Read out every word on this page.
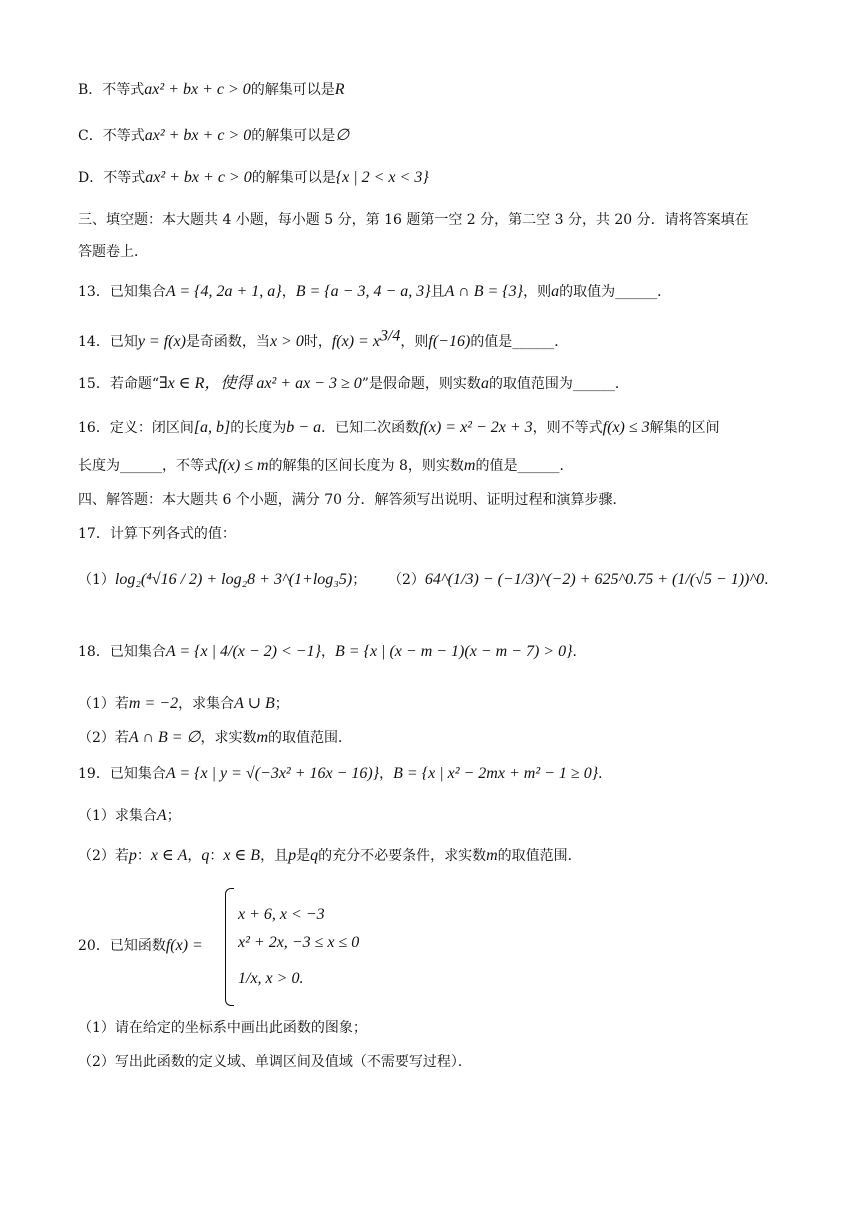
B．不等式ax² + bx + c > 0的解集可以是R
C．不等式ax² + bx + c > 0的解集可以是∅
D．不等式ax² + bx + c > 0的解集可以是{x | 2 < x < 3}
三、填空题：本大题共 4 小题，每小题 5 分，第 16 题第一空 2 分，第二空 3 分，共 20 分．请将答案填在
答题卷上．
13．已知集合A = {4, 2a + 1, a}，B = {a − 3, 4 − a, 3}且A ∩ B = {3}，则a的取值为______．
14．已知y = f(x)是奇函数，当x > 0时，$f(x) = x^{3/4}$，则f(−16)的值是______．
15．若命题“∃x ∈ R，使得 ax² + ax − 3 ≥ 0”是假命题，则实数a的取值范围为______．
16．定义：闭区间[a, b]的长度为b − a．已知二次函数f(x) = x² − 2x + 3，则不等式f(x) ≤ 3解集的区间
长度为______，不等式f(x) ≤ m的解集的区间长度为 8，则实数m的值是______．
四、解答题：本大题共 6 个小题，满分 70 分．解答须写出说明、证明过程和演算步骤．
17．计算下列各式的值：
（1）log₂(⁴√16 / 2) + log₂8 + 3^(1+log₃5)； （2）64^(1/3) − (−1/3)^(−2) + 625^0.75 + (1/(√5 − 1))^0．
18．已知集合A = {x | 4/(x − 2) < −1}，B = {x | (x − m − 1)(x − m − 7) > 0}．
（1）若m = −2，求集合A ∪ B；
（2）若A ∩ B = ∅，求实数m的取值范围．
19．已知集合A = {x | y = √(−3x² + 16x − 16)}，B = {x | x² − 2mx + m² − 1 ≥ 0}．
（1）求集合A；
（2）若p：x ∈ A，q：x ∈ B，且p是q的充分不必要条件，求实数m的取值范围．
20．已知函数f(x) =
x + 6, x < −3
x² + 2x, −3 ≤ x ≤ 0
1/x, x > 0.
（1）请在给定的坐标系中画出此函数的图象；
（2）写出此函数的定义域、单调区间及值域（不需要写过程）．
